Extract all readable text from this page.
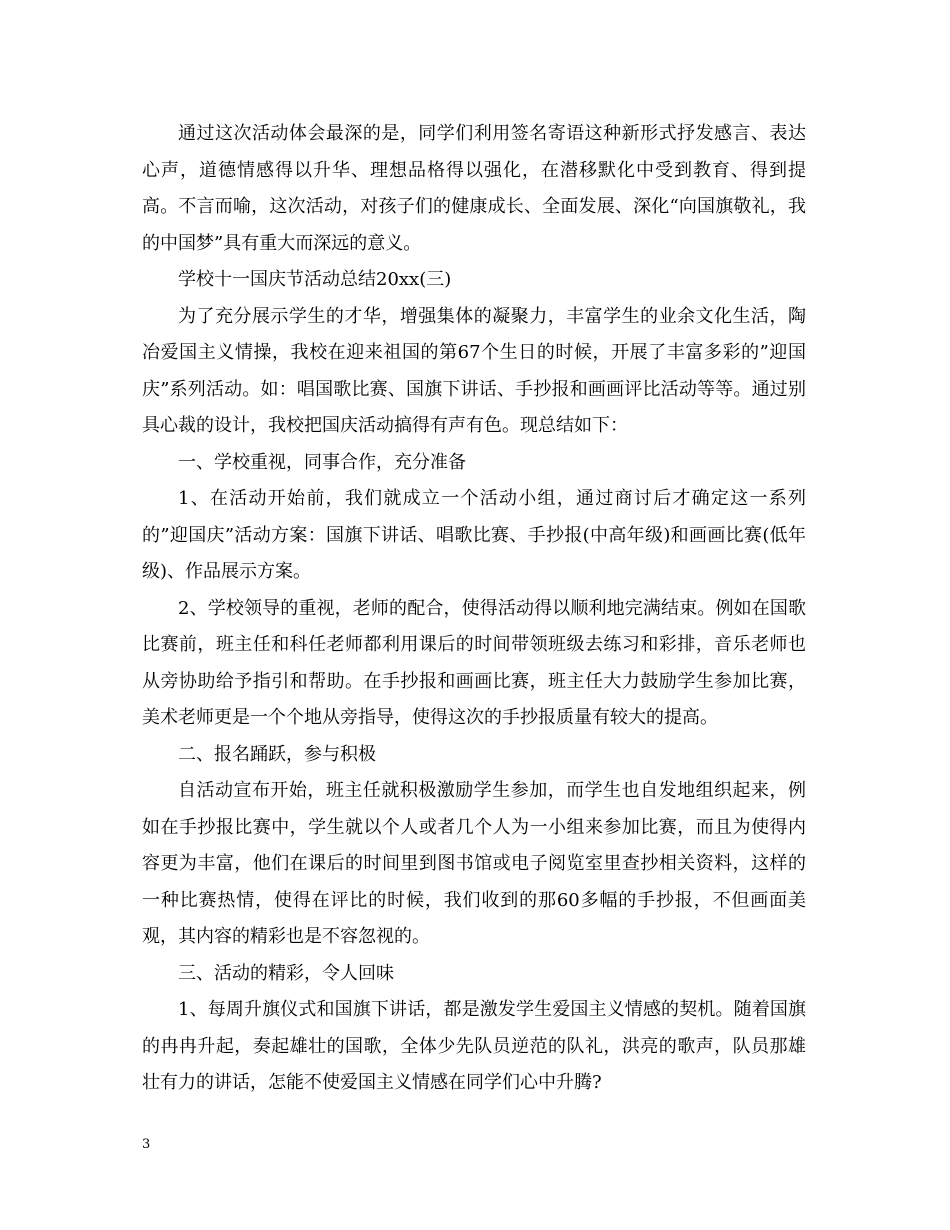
通过这次活动体会最深的是，同学们利用签名寄语这种新形式抒发感言、表达心声，道德情感得以升华、理想品格得以强化，在潜移默化中受到教育、得到提高。不言而喻，这次活动，对孩子们的健康成长、全面发展、深化“向国旗敬礼，我的中国梦”具有重大而深远的意义。

学校十一国庆节活动总结20xx(三)

为了充分展示学生的才华，增强集体的凝聚力，丰富学生的业余文化生活，陶冶爱国主义情操，我校在迎来祖国的第67个生日的时候，开展了丰富多彩的”迎国庆”系列活动。如：唱国歌比赛、国旗下讲话、手抄报和画画评比活动等等。通过别具心裁的设计，我校把国庆活动搞得有声有色。现总结如下：

一、学校重视，同事合作，充分准备

1、在活动开始前，我们就成立一个活动小组，通过商讨后才确定这一系列的”迎国庆”活动方案：国旗下讲话、唱歌比赛、手抄报(中高年级)和画画比赛(低年级)、作品展示方案。

2、学校领导的重视，老师的配合，使得活动得以顺利地完满结束。例如在国歌比赛前，班主任和科任老师都利用课后的时间带领班级去练习和彩排，音乐老师也从旁协助给予指引和帮助。在手抄报和画画比赛，班主任大力鼓励学生参加比赛，美术老师更是一个个地从旁指导，使得这次的手抄报质量有较大的提高。

二、报名踊跃，参与积极

自活动宣布开始，班主任就积极激励学生参加，而学生也自发地组织起来，例如在手抄报比赛中，学生就以个人或者几个人为一小组来参加比赛，而且为使得内容更为丰富，他们在课后的时间里到图书馆或电子阅览室里查抄相关资料，这样的一种比赛热情，使得在评比的时候，我们收到的那60多幅的手抄报，不但画面美观，其内容的精彩也是不容忽视的。

三、活动的精彩，令人回味

1、每周升旗仪式和国旗下讲话，都是激发学生爱国主义情感的契机。随着国旗的冉冉升起，奏起雄壮的国歌，全体少先队员逆范的队礼，洪亮的歌声，队员那雄壮有力的讲话，怎能不使爱国主义情感在同学们心中升腾?

3
